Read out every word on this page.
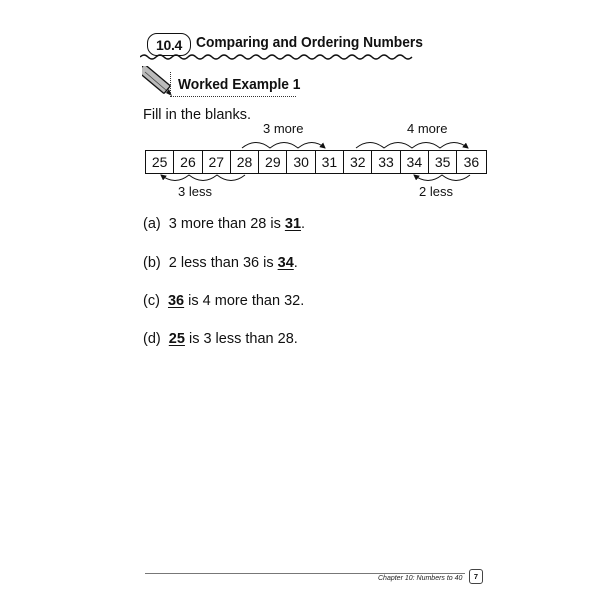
10.4 Comparing and Ordering Numbers
Worked Example 1
Fill in the blanks.
3 more	4 more
3 less	2 less
25 26 27 28 29 30 31 32 33 34 35 36
(a) 3 more than 28 is 31.
(b) 2 less than 36 is 34.
(c) 36 is 4 more than 32.
(d) 25 is 3 less than 28.
Chapter 10: Numbers to 40	7
